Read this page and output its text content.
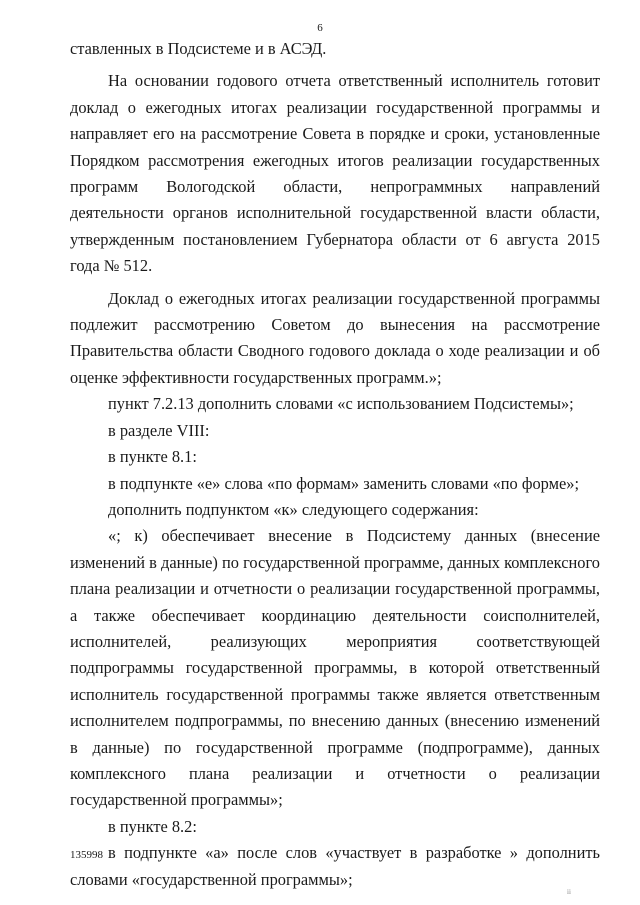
6

ставленных в Подсистеме и в АСЭД.

На основании годового отчета ответственный исполнитель готовит доклад о ежегодных итогах реализации государственной программы и направляет его на рассмотрение Совета в порядке и сроки, установленные Порядком рассмотрения ежегодных итогов реализации государственных программ Вологодской области, непрограммных направлений деятельности органов исполнительной государственной власти области, утвержденным постановлением Губернатора области от 6 августа 2015 года № 512.

Доклад о ежегодных итогах реализации государственной программы подлежит рассмотрению Советом до вынесения на рассмотрение Правительства области Сводного годового доклада о ходе реализации и об оценке эффективности государственных программ.»;

пункт 7.2.13 дополнить словами «с использованием Подсистемы»;

в разделе VIII:

в пункте 8.1:

в подпункте «е» слова «по формам» заменить словами «по форме»;

дополнить подпунктом «к» следующего содержания:

«; к) обеспечивает внесение в Подсистему данных (внесение изменений в данные) по государственной программе, данных комплексного плана реализации и отчетности о реализации государственной программы, а также обеспечивает координацию деятельности соисполнителей, исполнителей, реализующих мероприятия соответствующей подпрограммы государственной программы, в которой ответственный исполнитель государственной программы также является ответственным исполнителем подпрограммы, по внесению данных (внесению изменений в данные) по государственной программе (подпрограмме), данных комплексного плана реализации и отчетности о реализации государственной программы»;

в пункте 8.2:

в подпункте «а» после слов «участвует в разработке » дополнить словами «государственной программы»;

135998
ii
